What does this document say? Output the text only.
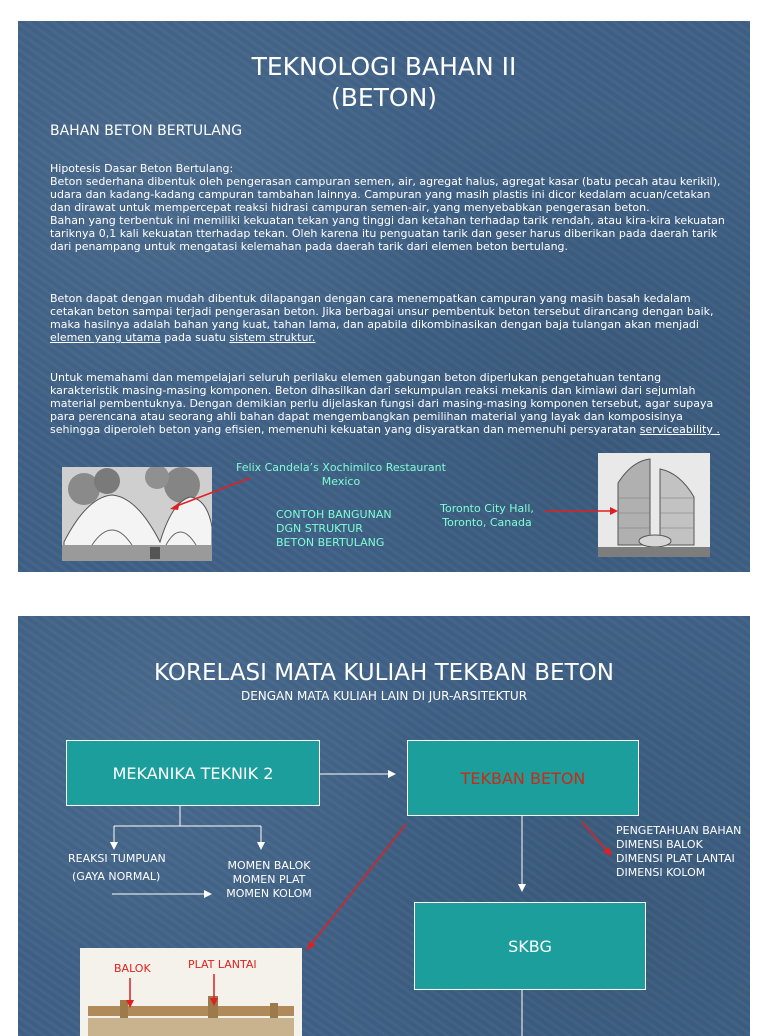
TEKNOLOGI BAHAN II
(BETON)
BAHAN BETON BERTULANG

Hipotesis Dasar Beton Bertulang:

Beton sederhana dibentuk oleh pengerasan campuran semen, air, agregat halus, agregat kasar (batu pecah atau kerikil), udara dan kadang-kadang campuran tambahan lainnya. Campuran yang masih plastis ini dicor kedalam acuan/cetakan dan dirawat untuk mempercepat reaksi hidrasi campuran semen-air, yang menyebabkan pengerasan beton.

Bahan yang terbentuk ini memiliki kekuatan tekan yang tinggi dan ketahan terhadap tarik rendah, atau kira-kira kekuatan tariknya 0,1 kali kekuatan tterhadap tekan. Oleh karena itu penguatan tarik dan geser harus diberikan pada daerah tarik dari penampang untuk mengatasi kelemahan pada daerah tarik dari elemen beton bertulang.

Beton dapat dengan mudah dibentuk dilapangan dengan cara menempatkan campuran yang masih basah kedalam cetakan beton sampai terjadi pengerasan beton. Jika berbagai unsur pembentuk beton tersebut dirancang dengan baik, maka hasilnya adalah bahan yang kuat, tahan lama, dan apabila dikombinasikan dengan baja tulangan akan menjadi elemen yang utama pada suatu sistem struktur.

Untuk memahami dan mempelajari seluruh perilaku elemen gabungan beton diperlukan pengetahuan tentang karakteristik masing-masing komponen. Beton dihasilkan dari sekumpulan reaksi mekanis dan kimiawi dari sejumlah material pembentuknya. Dengan demikian perlu dijelaskan fungsi dari masing-masing komponen tersebut, agar supaya para perencana atau seorang ahli bahan dapat mengembangkan pemilihan material yang layak dan komposisinya sehingga diperoleh beton yang efisien, memenuhi kekuatan yang disyaratkan dan memenuhi persyaratan serviceability .

Felix Candela’s Xochimilco Restaurant
Mexico
CONTOH BANGUNAN
DGN STRUKTUR
BETON BERTULANG
Toronto City Hall,
Toronto, Canada
KORELASI MATA KULIAH TEKBAN BETON
DENGAN MATA KULIAH LAIN DI JUR-ARSITEKTUR
MEKANIKA TEKNIK 2	TEKBAN BETON
SKBG
REAKSI TUMPUAN
(GAYA NORMAL)
MOMEN BALOK
MOMEN PLAT
MOMEN KOLOM
PENGETAHUAN BAHAN
DIMENSI BALOK
DIMENSI PLAT LANTAI
DIMENSI KOLOM
BALOK	PLAT LANTAI
